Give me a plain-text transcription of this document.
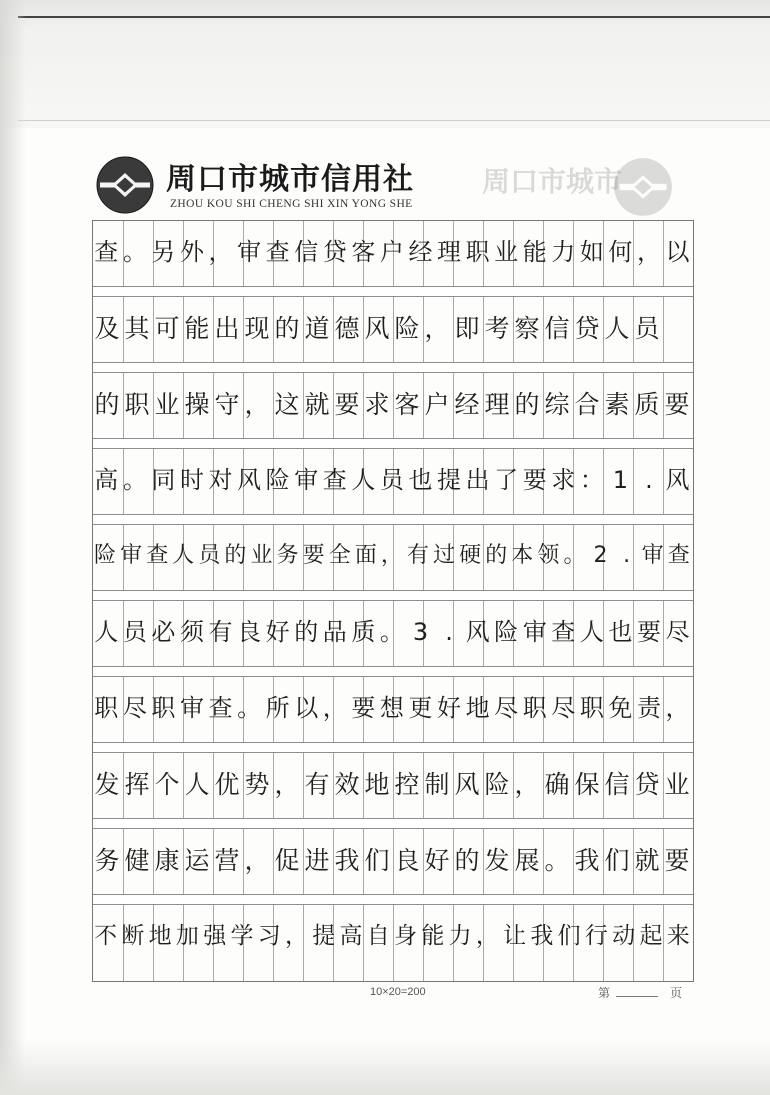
周口市城市

周口市城市信用社

ZHOU KOU SHI CHENG SHI XIN YONG SHE

查 。 另 外 ， 审 查 信 贷 客 户 经 理 职 业 能 力 如 何 ， 以
及 其 可 能 出 现 的 道 德 风 险 ， 即 考 察 信 贷 人 员
的 职 业 操 守 ， 这 就 要 求 客 户 经 理 的 综 合 素 质 要
高 。 同 时 对 风 险 审 查 人 员 也 提 出 了 要 求 ： 1 . 风
险 审 查 人 员 的 业 务 要 全 面 ， 有 过 硬 的 本 领 。 2 . 审 查
人 员 必 须 有 良 好 的 品 质 。 3 . 风 险 审 查 人 也 要 尽
职 尽 职 审 查 。 所 以 ， 要 想 更 好 地 尽 职 尽 职 免 责 ，
发 挥 个 人 优 势 ， 有 效 地 控 制 风 险 ， 确 保 信 贷 业
务 健 康 运 营 ， 促 进 我 们 良 好 的 发 展 。 我 们 就 要
不 断 地 加 强 学 习 ， 提 高 自 身 能 力 ， 让 我 们 行 动 起 来

10×20=200	第	页
